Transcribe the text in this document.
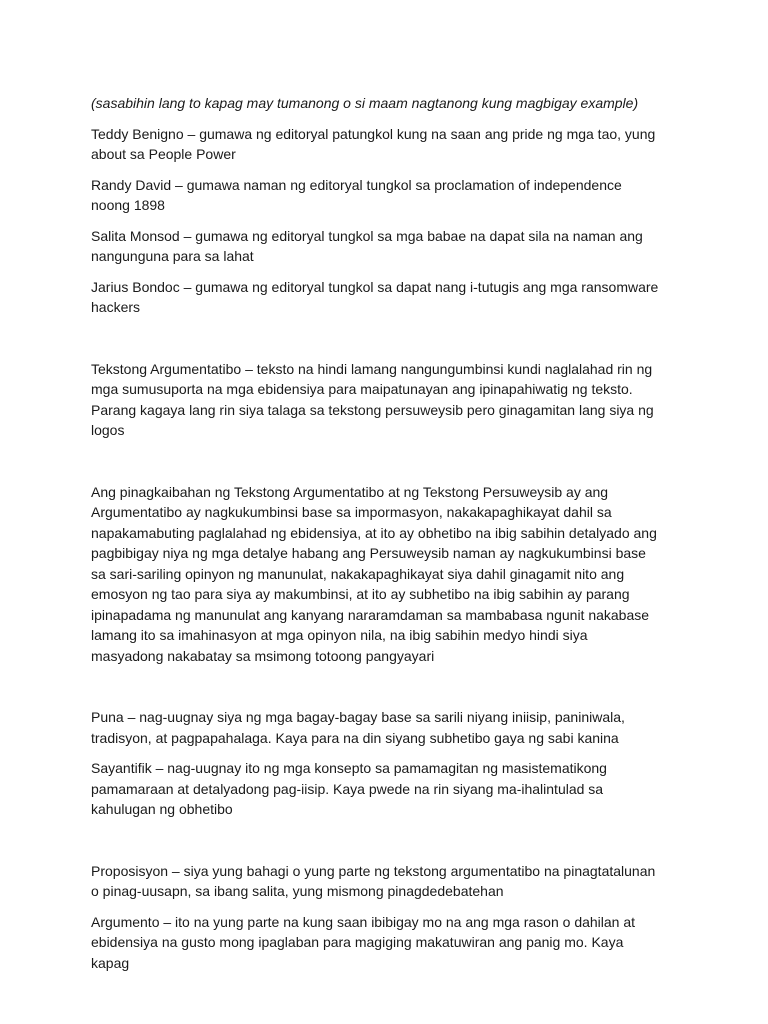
(sasabihin lang to kapag may tumanong o si maam nagtanong kung magbigay example)

Teddy Benigno – gumawa ng editoryal patungkol kung na saan ang pride ng mga tao, yung about sa People Power

Randy David – gumawa naman ng editoryal tungkol sa proclamation of independence noong 1898

Salita Monsod – gumawa ng editoryal tungkol sa mga babae na dapat sila na naman ang nangunguna para sa lahat

Jarius Bondoc – gumawa ng editoryal tungkol sa dapat nang i-tutugis ang mga ransomware hackers

Tekstong Argumentatibo – teksto na hindi lamang nangungumbinsi kundi naglalahad rin ng mga sumusuporta na mga ebidensiya para maipatunayan ang ipinapahiwatig ng teksto. Parang kagaya lang rin siya talaga sa tekstong persuweysib pero ginagamitan lang siya ng logos

Ang pinagkaibahan ng Tekstong Argumentatibo at ng Tekstong Persuweysib ay ang Argumentatibo ay nagkukumbinsi base sa impormasyon, nakakapaghikayat dahil sa napakamabuting paglalahad ng ebidensiya, at ito ay obhetibo na ibig sabihin detalyado ang pagbibigay niya ng mga detalye habang ang Persuweysib naman ay nagkukumbinsi base sa sari-sariling opinyon ng manunulat, nakakapaghikayat siya dahil ginagamit nito ang emosyon ng tao para siya ay makumbinsi, at ito ay subhetibo na ibig sabihin ay parang ipinapadama ng manunulat ang kanyang nararamdaman sa mambabasa ngunit nakabase lamang ito sa imahinasyon at mga opinyon nila, na ibig sabihin medyo hindi siya masyadong nakabatay sa msimong totoong pangyayari

Puna – nag-uugnay siya ng mga bagay-bagay base sa sarili niyang iniisip, paniniwala, tradisyon, at pagpapahalaga. Kaya para na din siyang subhetibo gaya ng sabi kanina

Sayantifik – nag-uugnay ito ng mga konsepto sa pamamagitan ng masistematikong pamamaraan at detalyadong pag-iisip. Kaya pwede na rin siyang ma-ihalintulad sa kahulugan ng obhetibo

Proposisyon – siya yung bahagi o yung parte ng tekstong argumentatibo na pinagtatalunan o pinag-uusapn, sa ibang salita, yung mismong pinagdedebatehan

Argumento – ito na yung parte na kung saan ibibigay mo na ang mga rason o dahilan at ebidensiya na gusto mong ipaglaban para magiging makatuwiran ang panig mo. Kaya kapag
